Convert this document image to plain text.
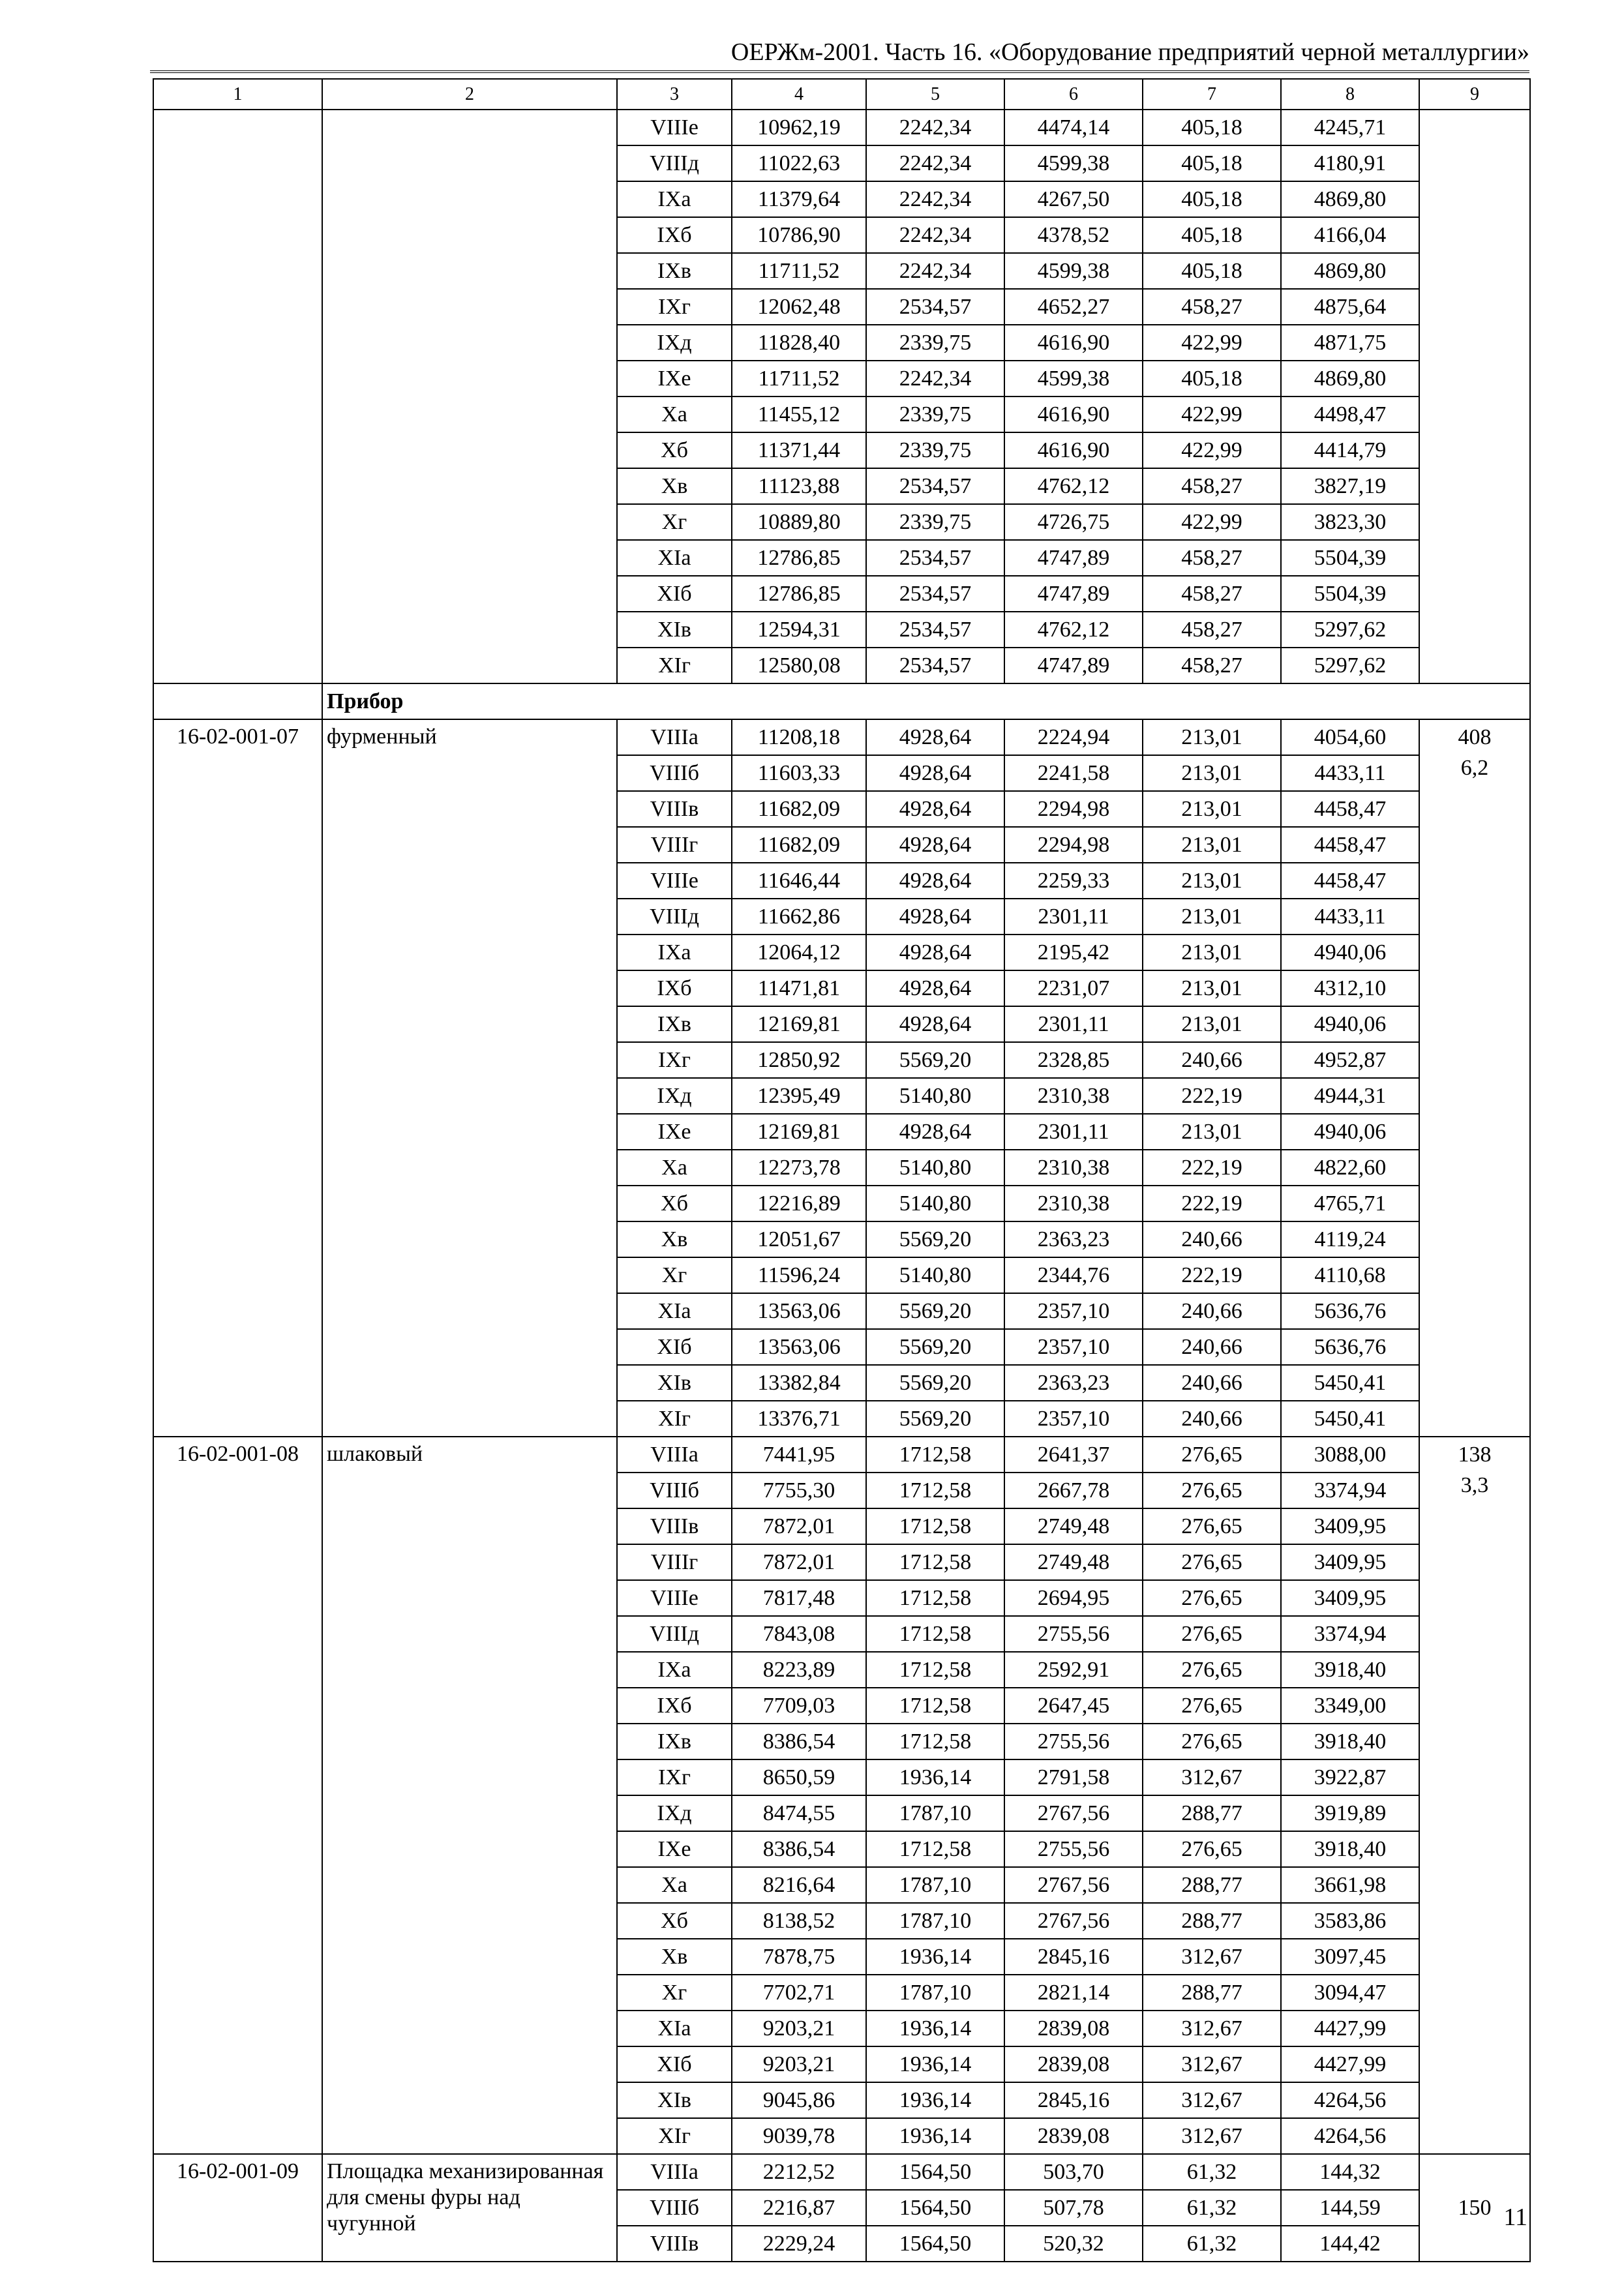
ОЕРЖм-2001. Часть 16. «Оборудование предприятий черной металлургии»
1	2	3	4	5	6	7	8	9
		VIIIe	10962,19	2242,34	4474,14	405,18	4245,71	
		VIIIд	11022,63	2242,34	4599,38	405,18	4180,91	
		IXa	11379,64	2242,34	4267,50	405,18	4869,80	
		IXб	10786,90	2242,34	4378,52	405,18	4166,04	
		IXв	11711,52	2242,34	4599,38	405,18	4869,80	
		IXг	12062,48	2534,57	4652,27	458,27	4875,64	
		IXд	11828,40	2339,75	4616,90	422,99	4871,75	
		IXe	11711,52	2242,34	4599,38	405,18	4869,80	
		Xa	11455,12	2339,75	4616,90	422,99	4498,47	
		Xб	11371,44	2339,75	4616,90	422,99	4414,79	
		Xв	11123,88	2534,57	4762,12	458,27	3827,19	
		Xг	10889,80	2339,75	4726,75	422,99	3823,30	
		XIa	12786,85	2534,57	4747,89	458,27	5504,39	
		XIб	12786,85	2534,57	4747,89	458,27	5504,39	
		XIв	12594,31	2534,57	4762,12	458,27	5297,62	
		XIг	12580,08	2534,57	4747,89	458,27	5297,62	
	Прибор							
16-02-001-07	фурменный	VIIIa	11208,18	4928,64	2224,94	213,01	4054,60	408
		VIIIб	11603,33	4928,64	2241,58	213,01	4433,11	6,2
		VIIIв	11682,09	4928,64	2294,98	213,01	4458,47	
		VIIIг	11682,09	4928,64	2294,98	213,01	4458,47	
		VIIIe	11646,44	4928,64	2259,33	213,01	4458,47	
		VIIIд	11662,86	4928,64	2301,11	213,01	4433,11	
		IXa	12064,12	4928,64	2195,42	213,01	4940,06	
		IXб	11471,81	4928,64	2231,07	213,01	4312,10	
		IXв	12169,81	4928,64	2301,11	213,01	4940,06	
		IXг	12850,92	5569,20	2328,85	240,66	4952,87	
		IXд	12395,49	5140,80	2310,38	222,19	4944,31	
		IXe	12169,81	4928,64	2301,11	213,01	4940,06	
		Xa	12273,78	5140,80	2310,38	222,19	4822,60	
		Xб	12216,89	5140,80	2310,38	222,19	4765,71	
		Xв	12051,67	5569,20	2363,23	240,66	4119,24	
		Xг	11596,24	5140,80	2344,76	222,19	4110,68	
		XIa	13563,06	5569,20	2357,10	240,66	5636,76	
		XIб	13563,06	5569,20	2357,10	240,66	5636,76	
		XIв	13382,84	5569,20	2363,23	240,66	5450,41	
		XIг	13376,71	5569,20	2357,10	240,66	5450,41	
16-02-001-08	шлаковый	VIIIa	7441,95	1712,58	2641,37	276,65	3088,00	138
		VIIIб	7755,30	1712,58	2667,78	276,65	3374,94	3,3
		VIIIв	7872,01	1712,58	2749,48	276,65	3409,95	
		VIIIг	7872,01	1712,58	2749,48	276,65	3409,95	
		VIIIe	7817,48	1712,58	2694,95	276,65	3409,95	
		VIIIд	7843,08	1712,58	2755,56	276,65	3374,94	
		IXa	8223,89	1712,58	2592,91	276,65	3918,40	
		IXб	7709,03	1712,58	2647,45	276,65	3349,00	
		IXв	8386,54	1712,58	2755,56	276,65	3918,40	
		IXг	8650,59	1936,14	2791,58	312,67	3922,87	
		IXд	8474,55	1787,10	2767,56	288,77	3919,89	
		IXe	8386,54	1712,58	2755,56	276,65	3918,40	
		Xa	8216,64	1787,10	2767,56	288,77	3661,98	
		Xб	8138,52	1787,10	2767,56	288,77	3583,86	
		Xв	7878,75	1936,14	2845,16	312,67	3097,45	
		Xг	7702,71	1787,10	2821,14	288,77	3094,47	
		XIa	9203,21	1936,14	2839,08	312,67	4427,99	
		XIб	9203,21	1936,14	2839,08	312,67	4427,99	
		XIв	9045,86	1936,14	2845,16	312,67	4264,56	
		XIг	9039,78	1936,14	2839,08	312,67	4264,56	
16-02-001-09	Площадка механизированная для смены фуры над чугунной	VIIIa	2212,52	1564,50	503,70	61,32	144,32	150
		VIIIб	2216,87	1564,50	507,78	61,32	144,59	
		VIIIв	2229,24	1564,50	520,32	61,32	144,42	
11
